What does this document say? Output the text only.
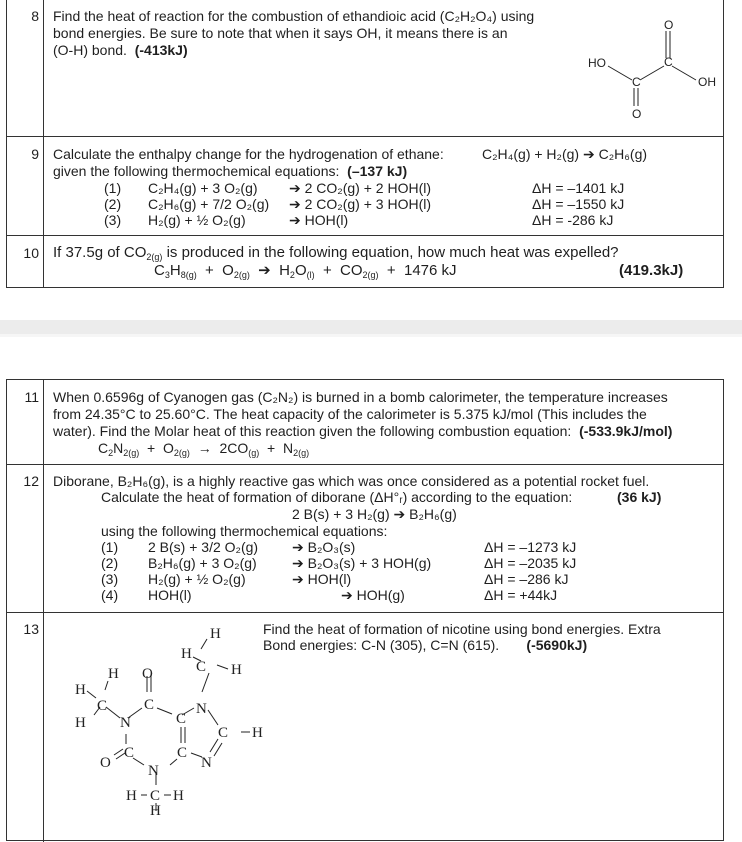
8	Find the heat of reaction for the combustion of ethandioic acid (C₂H₂O₄) using
bond energies. Be sure to note that when it says OH, it means there is an
(O-H) bond. (-413kJ)
HO
C
C
O
O
OH
9	Calculate the enthalpy change for the hydrogenation of ethane:	C₂H₄(g) + H₂(g) ➔ C₂H₆(g)
given the following thermochemical equations: (–137 kJ)
(1) C₂H₄(g) + 3 O₂(g) ➔ 2 CO₂(g) + 2 HOH(l)	ΔH = –1401 kJ
(2) C₂H₆(g) + 7/2 O₂(g) ➔ 2 CO₂(g) + 3 HOH(l)	ΔH = –1550 kJ
(3) H₂(g) + ½ O₂(g)	➔ HOH(l)	ΔH = -286 kJ
10 If 37.5g of $CO_{2(g)}$ is produced in the following equation, how much heat was expelled?
$C_3H_{8(g)} + O_{2(g)}$  ➔  $H_2O_{(l)} + CO_{2(g)} + 1476$ kJ	(419.3kJ)
11	When 0.6596g of Cyanogen gas (C₂N₂) is burned in a bomb calorimeter, the temperature increases
from 24.35°C to 25.60°C. The heat capacity of the calorimeter is 5.375 kJ/mol (This includes the
water). Find the Molar heat of this reaction given the following combustion equation: (-533.9kJ/mol)
$C_2N_{2(g)} + O_{2(g)} \to 2CO_{(g)} + N_{2(g)}$
12	Diborane, B₂H₆(g), is a highly reactive gas which was once considered as a potential rocket fuel.
Calculate the heat of formation of diborane (ΔH°ᵣ) according to the equation:	(36 kJ)
2 B(s) + 3 H₂(g) ➔ B₂H₆(g)
using the following thermochemical equations:
(1) 2 B(s) + 3/2 O₂(g) ➔ B₂O₃(s)	ΔH = –1273 kJ
(2) B₂H₆(g) + 3 O₂(g)	➔ B₂O₃(s) + 3 HOH(g)	ΔH = –2035 kJ
(3) H₂(g) + ½ O₂(g)	➔ HOH(l)	ΔH = –286 kJ
(4) HOH(l)	➔ HOH(g)	ΔH = +44kJ
13	Find the heat of formation of nicotine using bond energies. Extra
Bond energies: C-N (305), C=N (615). (-5690kJ)
H
H
C H
H
H
O
C
H
C
C
N
N
C H
O
C	C
N
N
H C H
H
